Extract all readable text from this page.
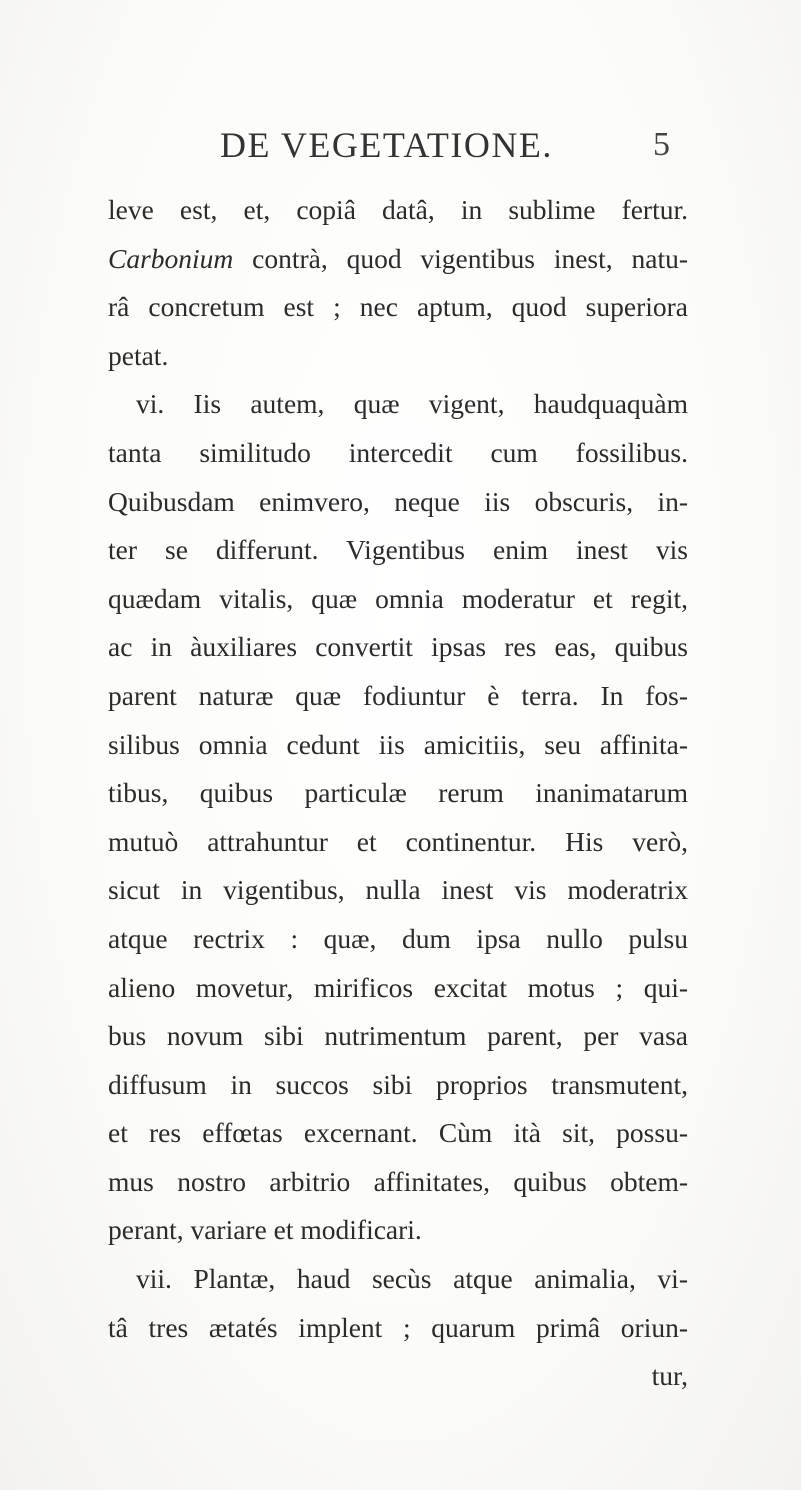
DE VEGETATIONE.	5
leve est, et, copiâ datâ, in sublime fertur.
Carbonium contrà, quod vigentibus inest, natu-
râ concretum est ; nec aptum, quod superiora
petat.
vi. Iis autem, quæ vigent, haudquaquàm
tanta similitudo intercedit cum fossilibus.
Quibusdam enimvero, neque iis obscuris, in-
ter se differunt. Vigentibus enim inest vis
quædam vitalis, quæ omnia moderatur et regit,
ac in àuxiliares convertit ipsas res eas, quibus
parent naturæ quæ fodiuntur è terra. In fos-
silibus omnia cedunt iis amicitiis, seu affinita-
tibus, quibus particulæ rerum inanimatarum
mutuò attrahuntur et continentur. His verò,
sicut in vigentibus, nulla inest vis moderatrix
atque rectrix : quæ, dum ipsa nullo pulsu
alieno movetur, mirificos excitat motus ; qui-
bus novum sibi nutrimentum parent, per vasa
diffusum in succos sibi proprios transmutent,
et res effœtas excernant. Cùm ità sit, possu-
mus nostro arbitrio affinitates, quibus obtem-
perant, variare et modificari.
vii. Plantæ, haud secùs atque animalia, vi-
tâ tres ætatés implent ; quarum primâ oriun-
tur,
